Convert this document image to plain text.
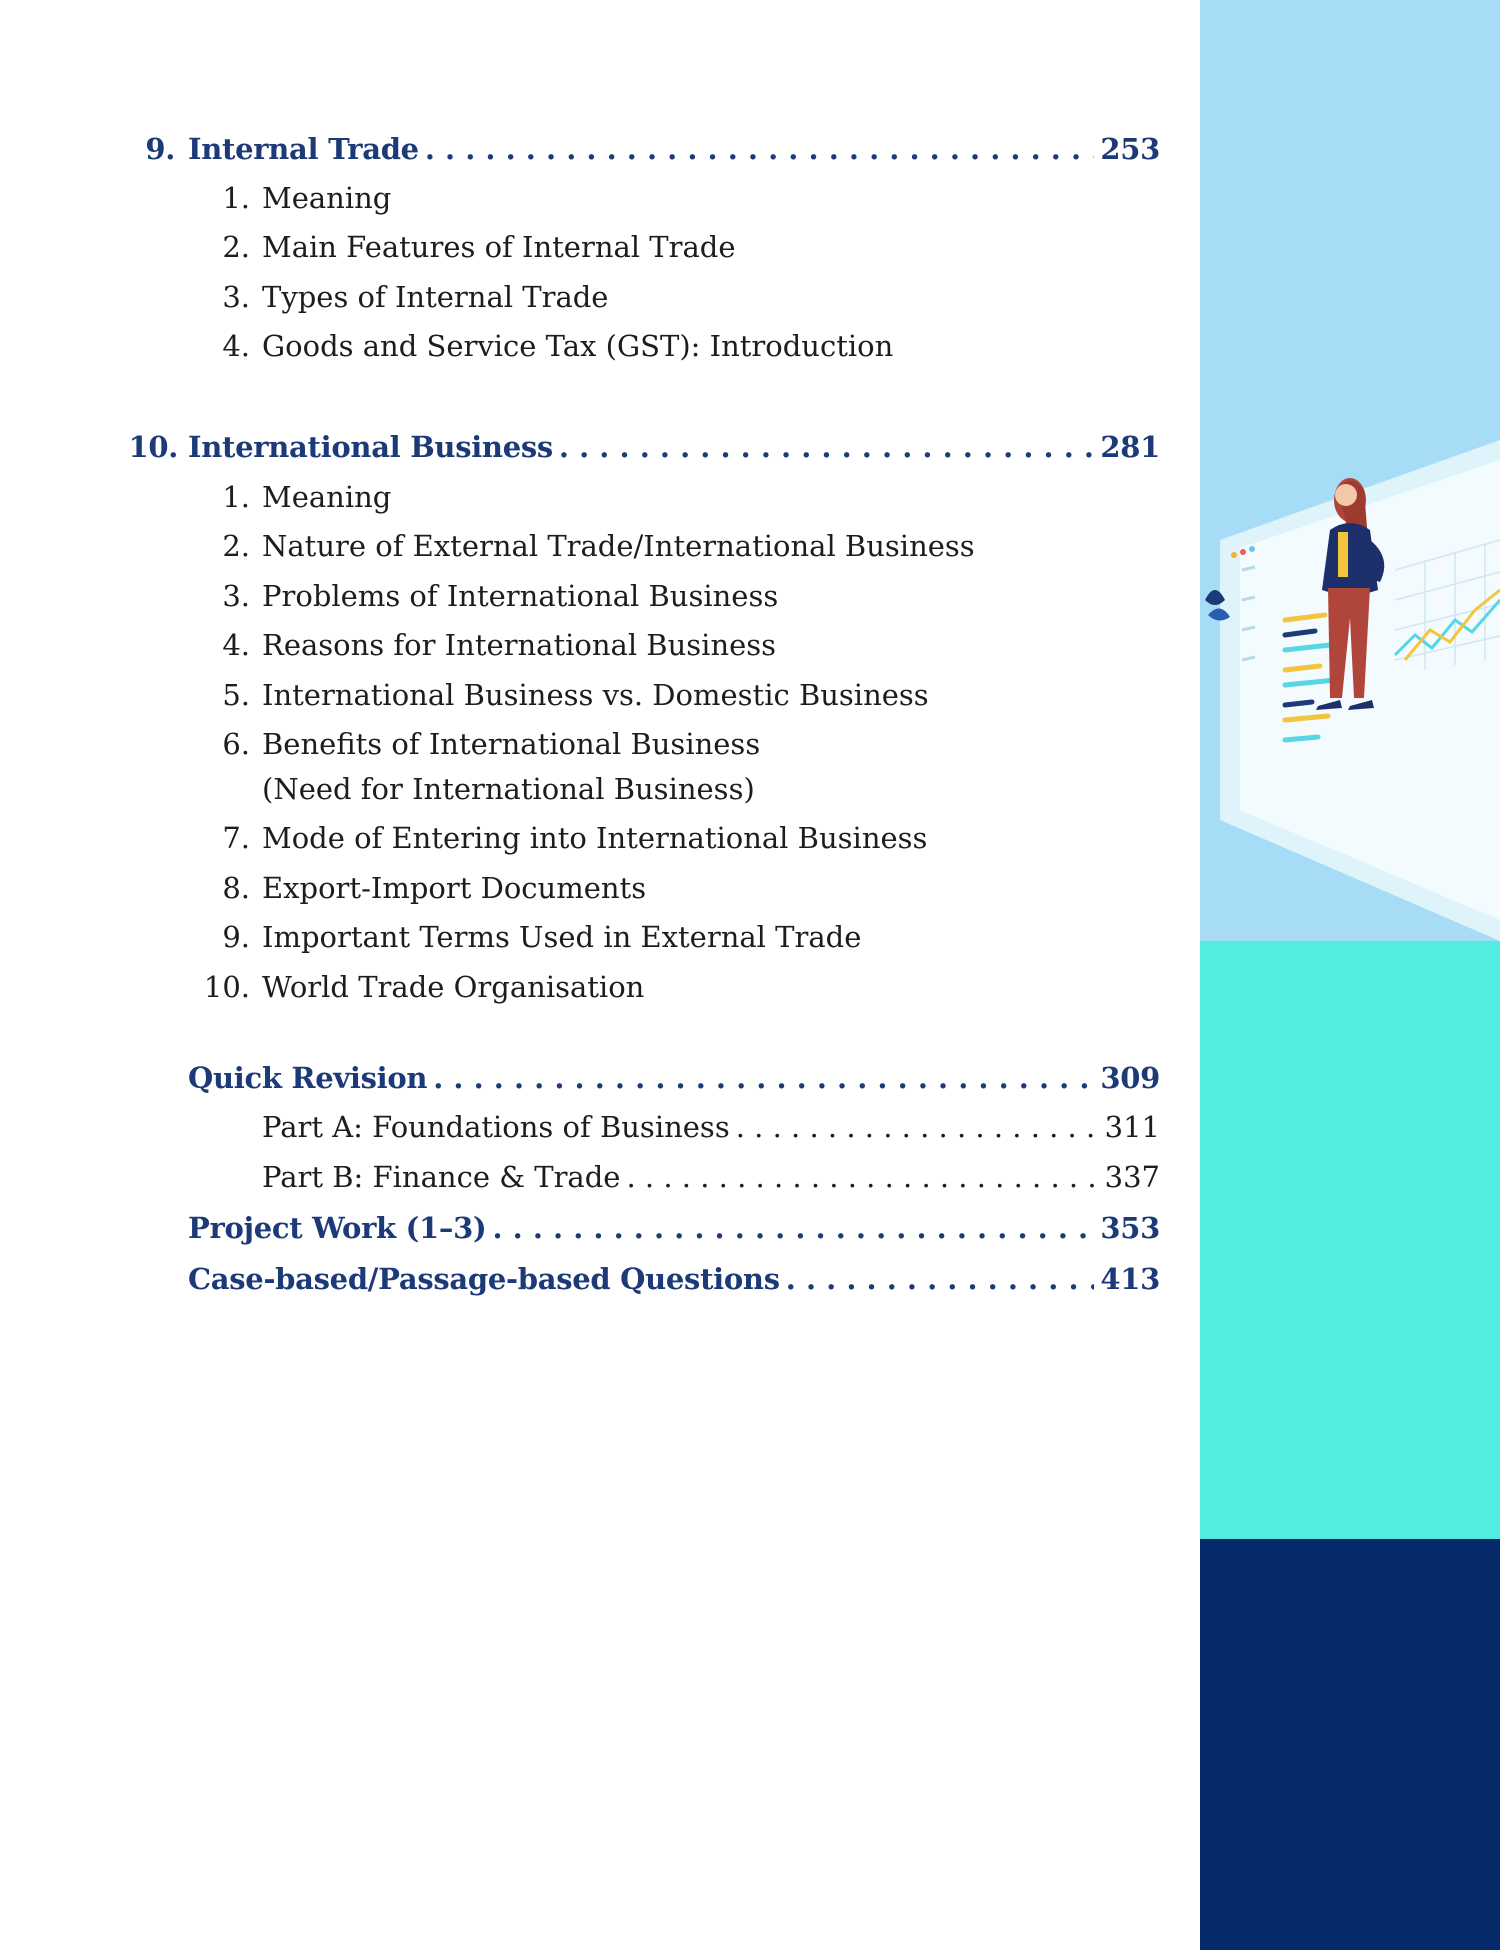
9. Internal Trade . . .	253
1. Meaning
2. Main Features of Internal Trade
3. Types of Internal Trade
4. Goods and Service Tax (GST): Introduction
10. International Business . . .	281
1. Meaning
2. Nature of External Trade/International Business
3. Problems of International Business
4. Reasons for International Business
5. International Business vs. Domestic Business
6. Benefits of International Business
(Need for International Business)
7. Mode of Entering into International Business
8. Export-Import Documents
9. Important Terms Used in External Trade
10. World Trade Organisation
Quick Revision . . .	309
Part A: Foundations of Business . . .	311
Part B: Finance & Trade . . .	337
Project Work (1–3) . . .	353
Case-based/Passage-based Questions . . .	413
